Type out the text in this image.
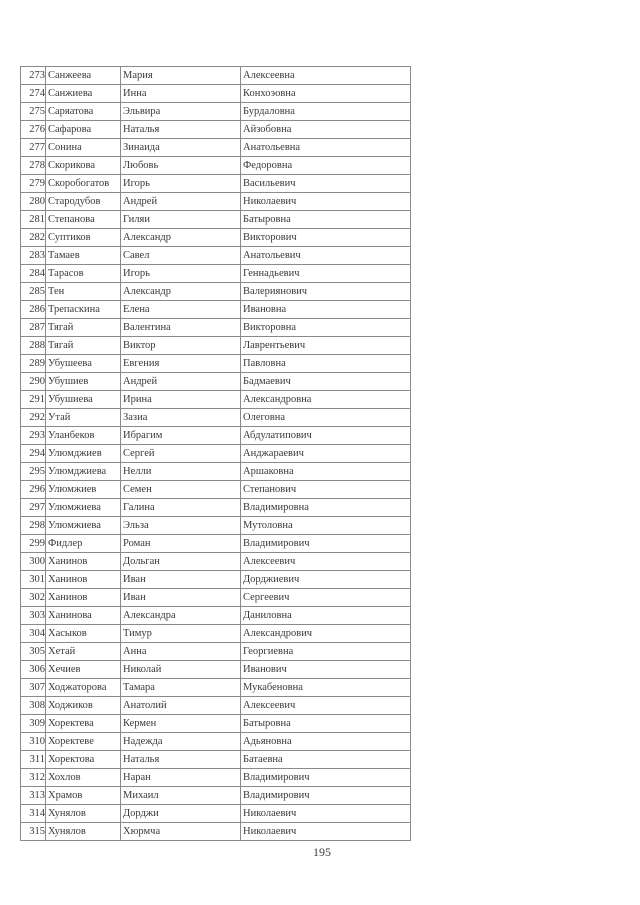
273	Санжеева	Мария	Алексеевна
274	Санжиева	Инна	Конхоэовна
275	Саряатова	Эльвира	Бурдаловна
276	Сафарова	Наталья	Айзобовна
277	Сонина	Зинаида	Анатольевна
278	Скорикова	Любовь	Федоровна
279	Скоробогатов	Игорь	Васильевич
280	Стародубов	Андрей	Николаевич
281	Степанова	Гиляи	Батыровна
282	Суптиков	Александр	Викторович
283	Тамаев	Савел	Анатольевич
284	Тарасов	Игорь	Геннадьевич
285	Тен	Александр	Валериянович
286	Трепаскина	Елена	Ивановна
287	Тягай	Валентина	Викторовна
288	Тягай	Виктор	Лаврентьевич
289	Убушеева	Евгения	Павловна
290	Убушиев	Андрей	Бадмаевич
291	Убушиева	Ирина	Александровна
292	Утай	Зазиа	Олеговна
293	Уланбеков	Ибрагим	Абдулатипович
294	Улюмджиев	Сергей	Анджараевич
295	Улюмджиева	Нелли	Аршаковна
296	Улюмжиев	Семен	Степанович
297	Улюмжиева	Галина	Владимировна
298	Улюмжиева	Эльза	Мутоловна
299	Фидлер	Роман	Владимирович
300	Ханинов	Дольган	Алексеевич
301	Ханинов	Иван	Дорджиевич
302	Ханинов	Иван	Сергеевич
303	Ханинова	Александра	Даниловна
304	Хасыков	Тимур	Александрович
305	Хетай	Анна	Георгиевна
306	Хечиев	Николай	Иванович
307	Ходжаторова	Тамара	Мукабеновна
308	Ходжиков	Анатолий	Алексеевич
309	Хоректева	Кермен	Батыровна
310	Хоректеве	Надежда	Адьяновна
311	Хоректова	Наталья	Батаевна
312	Хохлов	Наран	Владимирович
313	Храмов	Михаил	Владимирович
314	Хунялов	Дорджи	Николаевич
315	Хунялов	Хюрмча	Николаевич
195
